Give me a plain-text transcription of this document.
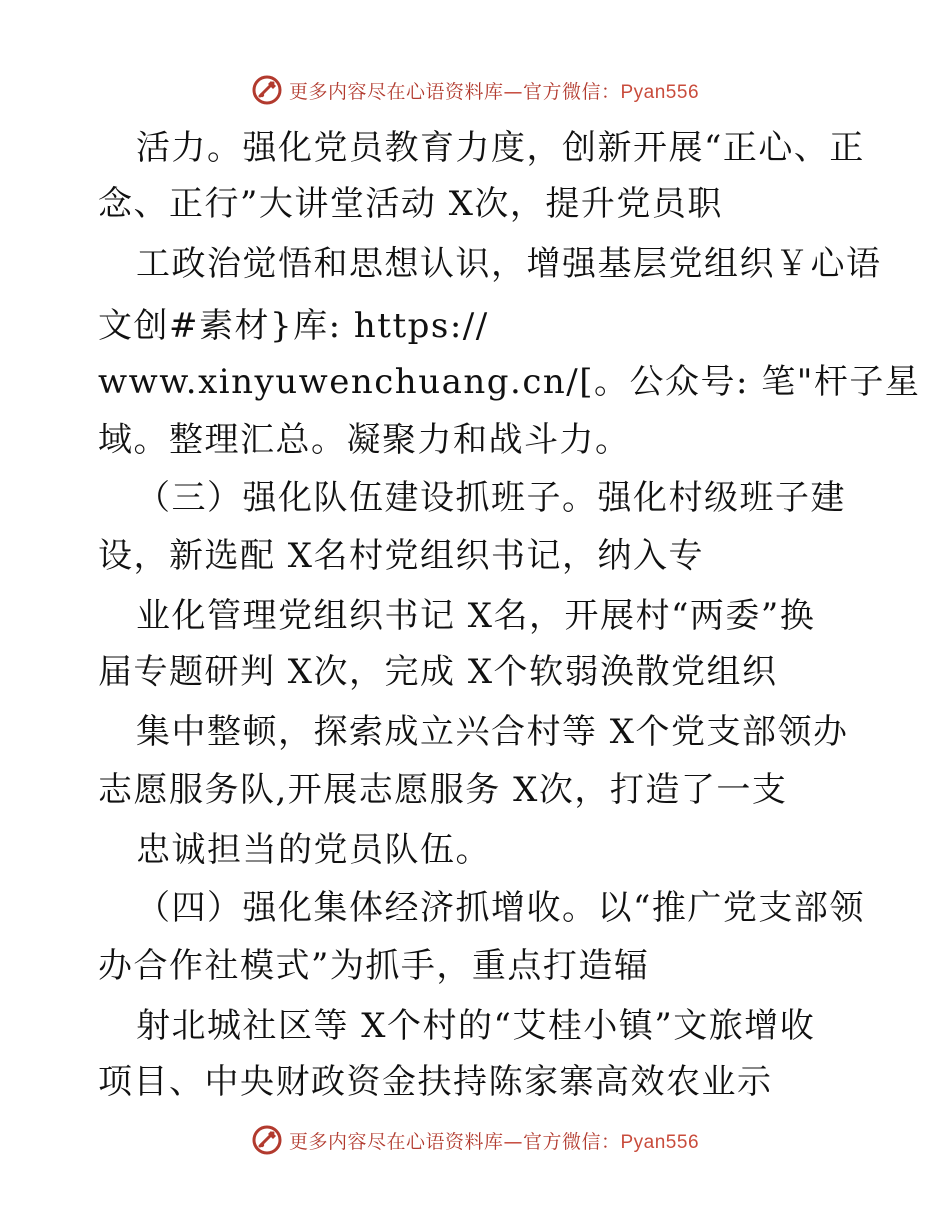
更多内容尽在心语资料库—官方微信：Pyan556
活力。强化党员教育力度，创新开展“正心、正
念、正行”大讲堂活动 X次，提升党员职
工政治觉悟和思想认识，增强基层党组织￥心语
文创#素材}库: https://
www.xinyuwenchuang.cn/[。公众号: 笔"杆子星
域。整理汇总。凝聚力和战斗力。
（三）强化队伍建设抓班子。强化村级班子建
设，新选配 X名村党组织书记，纳入专
业化管理党组织书记 X名，开展村“两委”换
届专题研判 X次，完成 X个软弱涣散党组织
集中整顿，探索成立兴合村等 X个党支部领办
志愿服务队,开展志愿服务 X次，打造了一支
忠诚担当的党员队伍。
（四）强化集体经济抓增收。以“推广党支部领
办合作社模式”为抓手，重点打造辐
射北城社区等 X个村的“艾桂小镇”文旅增收
项目、中央财政资金扶持陈家寨高效农业示
更多内容尽在心语资料库—官方微信：Pyan556
